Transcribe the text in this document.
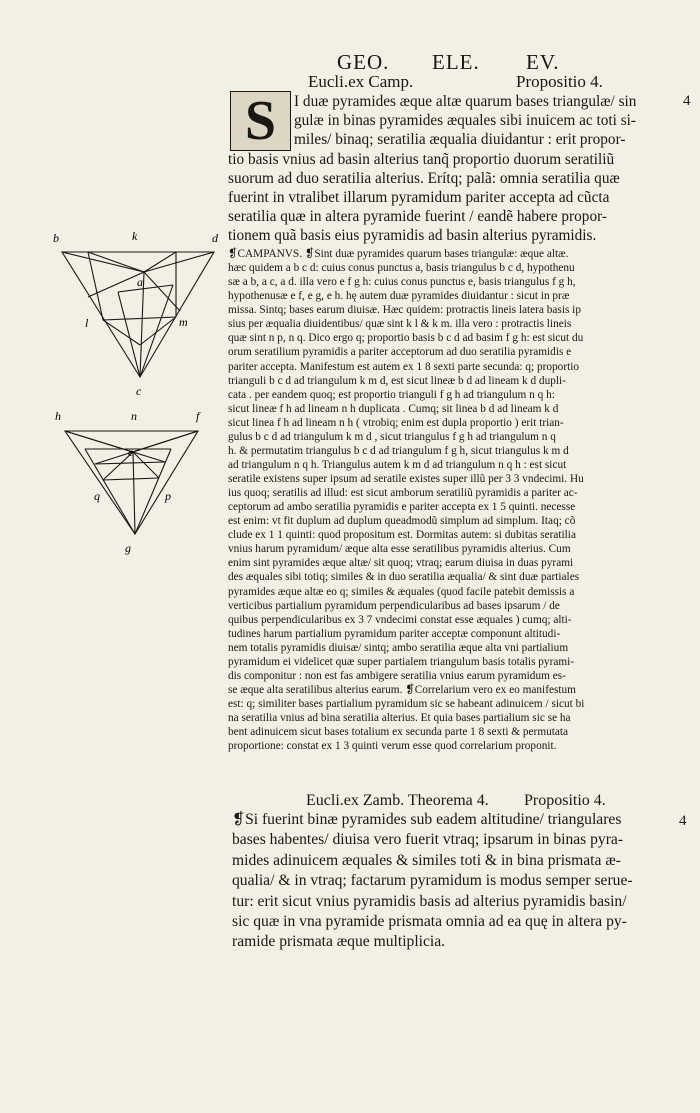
GEO. ELE. EV.
Eucli.ex Camp.	Propositio 4.
4
S	I duæ pyramides æque altæ quarum bases triangulæ/ sin
gulæ in binas pyramides æquales sibi inuicem ac toti si-
miles/ binaq; seratilia æqualia diuidantur : erit propor-
tio basis vnius ad basin alterius tanq̃ proportio duorum seratiliũ
suorum ad duo seratilia alterius. Erítq; palã: omnia seratilia quæ
fuerint in vtralibet illarum pyramidum pariter accepta ad cũcta
seratilia quæ in altera pyramide fuerint / eandẽ habere propor-
tionem quã basis eius pyramidis ad basin alterius pyramidis.
❡CAMPANVS. ❡Sint duæ pyramides quarum bases triangulæ: æque altæ.
hæc quidem a b c d: cuius conus punctus a, basis triangulus b c d, hypothenu
sæ a b, a c, a d. illa vero e f g h: cuius conus punctus e, basis triangulus f g h,
hypothenusæ e f, e g, e h. hę autem duæ pyramides diuidantur : sicut in præ
missa. Sintq; bases earum diuisæ. Hæc quidem: protractis lineis latera basis ip
sius per æqualia diuidentibus/ quæ sint k l & k m. illa vero : protractis lineis
quæ sint n p, n q. Dico ergo q; proportio basis b c d ad basim f g h: est sicut du
orum seratilium pyramidis a pariter acceptorum ad duo seratilia pyramidis e
pariter accepta. Manifestum est autem ex 1 8 sexti parte secunda: q; proportio
trianguli b c d ad triangulum k m d, est sicut lineæ b d ad lineam k d dupli-
cata . per eandem quoq; est proportio trianguli f g h ad triangulum n q h:
sicut lineæ f h ad lineam n h duplicata . Cumq; sit linea b d ad lineam k d
sicut linea f h ad lineam n h ( vtrobiq; enim est dupla proportio ) erit trian-
gulus b c d ad triangulum k m d , sicut triangulus f g h ad triangulum n q
h. & permutatim triangulus b c d ad triangulum f g h, sicut triangulus k m d
ad triangulum n q h. Triangulus autem k m d ad triangulum n q h : est sicut
seratile existens super ipsum ad seratile existes super illũ per 3 3 vndecimi. Hu
ius quoq; seratilis ad illud: est sicut amborum seratiliũ pyramidis a pariter ac-
ceptorum ad ambo seratilia pyramidis e pariter accepta ex 1 5 quinti. necesse
est enim: vt fit duplum ad duplum queadmodũ simplum ad simplum. Itaq; cõ
clude ex 1 1 quinti: quod propositum est. Dormitas autem: si dubitas seratilia
vnius harum pyramidum/ æque alta esse seratilibus pyramidis alterius. Cum
enim sint pyramides æque altæ/ sit quoq; vtraq; earum diuisa in duas pyrami
des æquales sibi totiq; similes & in duo seratilia æqualia/ & sint duæ partiales
pyramides æque altæ eo q; similes & æquales (quod facile patebit demissis a
verticibus partialium pyramidum perpendicularibus ad bases ipsarum / de
quibus perpendicularibus ex 3 7 vndecimi constat esse æquales ) cumq; alti-
tudines harum partialium pyramidum pariter acceptæ componunt altitudi-
nem totalis pyramidis diuisæ/ sintq; ambo seratilia æque alta vni partialium
pyramidum ei videlicet quæ super partialem triangulum basis totalis pyrami-
dis componitur : non est fas ambigere seratilia vnius earum pyramidum es-
se æque alta seratilibus alterius earum. ❡Correlarium vero ex eo manifestum
est: q; similiter bases partialium pyramidum sic se habeant adinuicem / sicut bi
na seratilia vnius ad bina seratilia alterius. Et quia bases partialium sic se ha
bent adinuicem sicut bases totalium ex secunda parte 1 8 sexti & permutata
proportione: constat ex 1 3 quinti verum esse quod correlarium proponit.
Eucli.ex Zamb. Theorema 4. Propositio 4.
4
❡Si fuerint binæ pyramides sub eadem altitudine/ triangulares
bases habentes/ diuisa vero fuerit vtraq; ipsarum in binas pyra-
mides adinuicem æquales & similes toti & in bina prismata æ-
qualia/ & in vtraq; factarum pyramidum is modus semper serue-
tur: erit sicut vnius pyramidis basis ad alterius pyramidis basin/
sic quæ in vna pyramide prismata omnia ad ea quę in altera py-
ramide prismata æque multiplicia.
b	k	d
a
l	m
c
h	n	f
e
q	p
g
